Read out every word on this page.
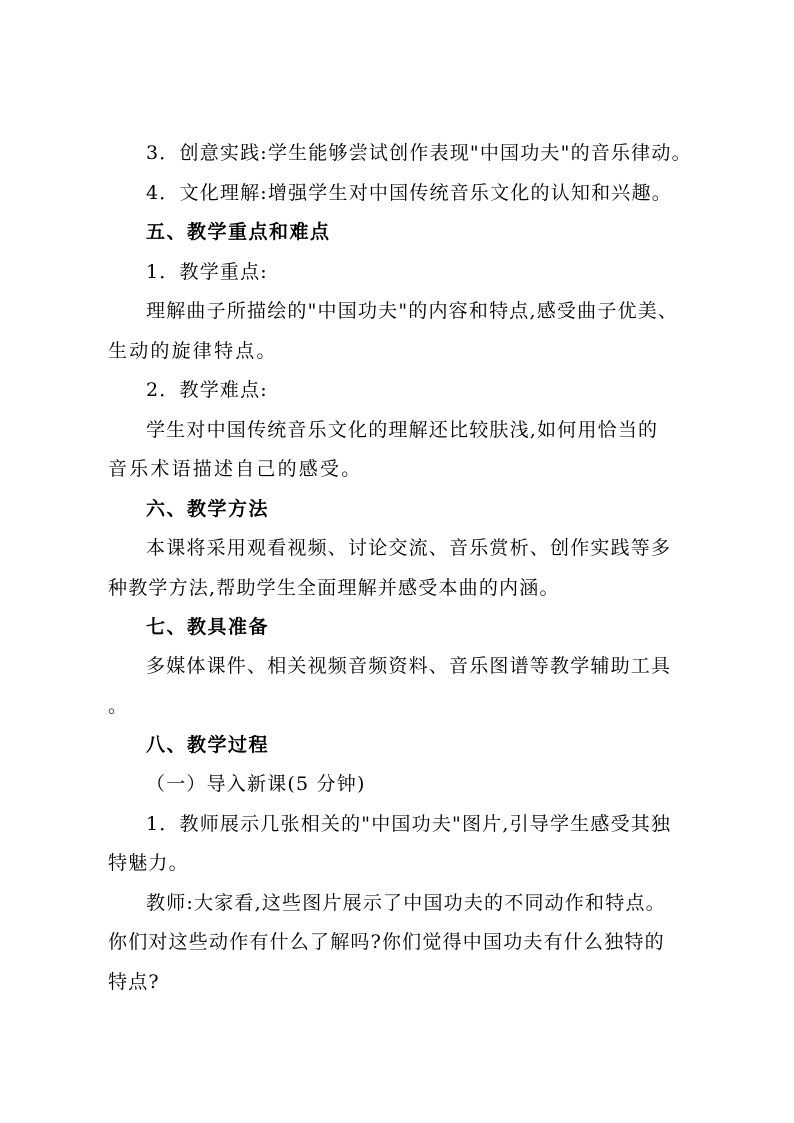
3．创意实践:学生能够尝试创作表现"中国功夫"的音乐律动。
4．文化理解:增强学生对中国传统音乐文化的认知和兴趣。
五、教学重点和难点
1．教学重点:
理解曲子所描绘的"中国功夫"的内容和特点,感受曲子优美、
生动的旋律特点。
2．教学难点:
学生对中国传统音乐文化的理解还比较肤浅,如何用恰当的
音乐术语描述自己的感受。
六、教学方法
本课将采用观看视频、讨论交流、音乐赏析、创作实践等多
种教学方法,帮助学生全面理解并感受本曲的内涵。
七、教具准备
多媒体课件、相关视频音频资料、音乐图谱等教学辅助工具
。
八、教学过程
（一）导入新课(5 分钟)
1．教师展示几张相关的"中国功夫"图片,引导学生感受其独
特魅力。
教师:大家看,这些图片展示了中国功夫的不同动作和特点。
你们对这些动作有什么了解吗?你们觉得中国功夫有什么独特的
特点?
